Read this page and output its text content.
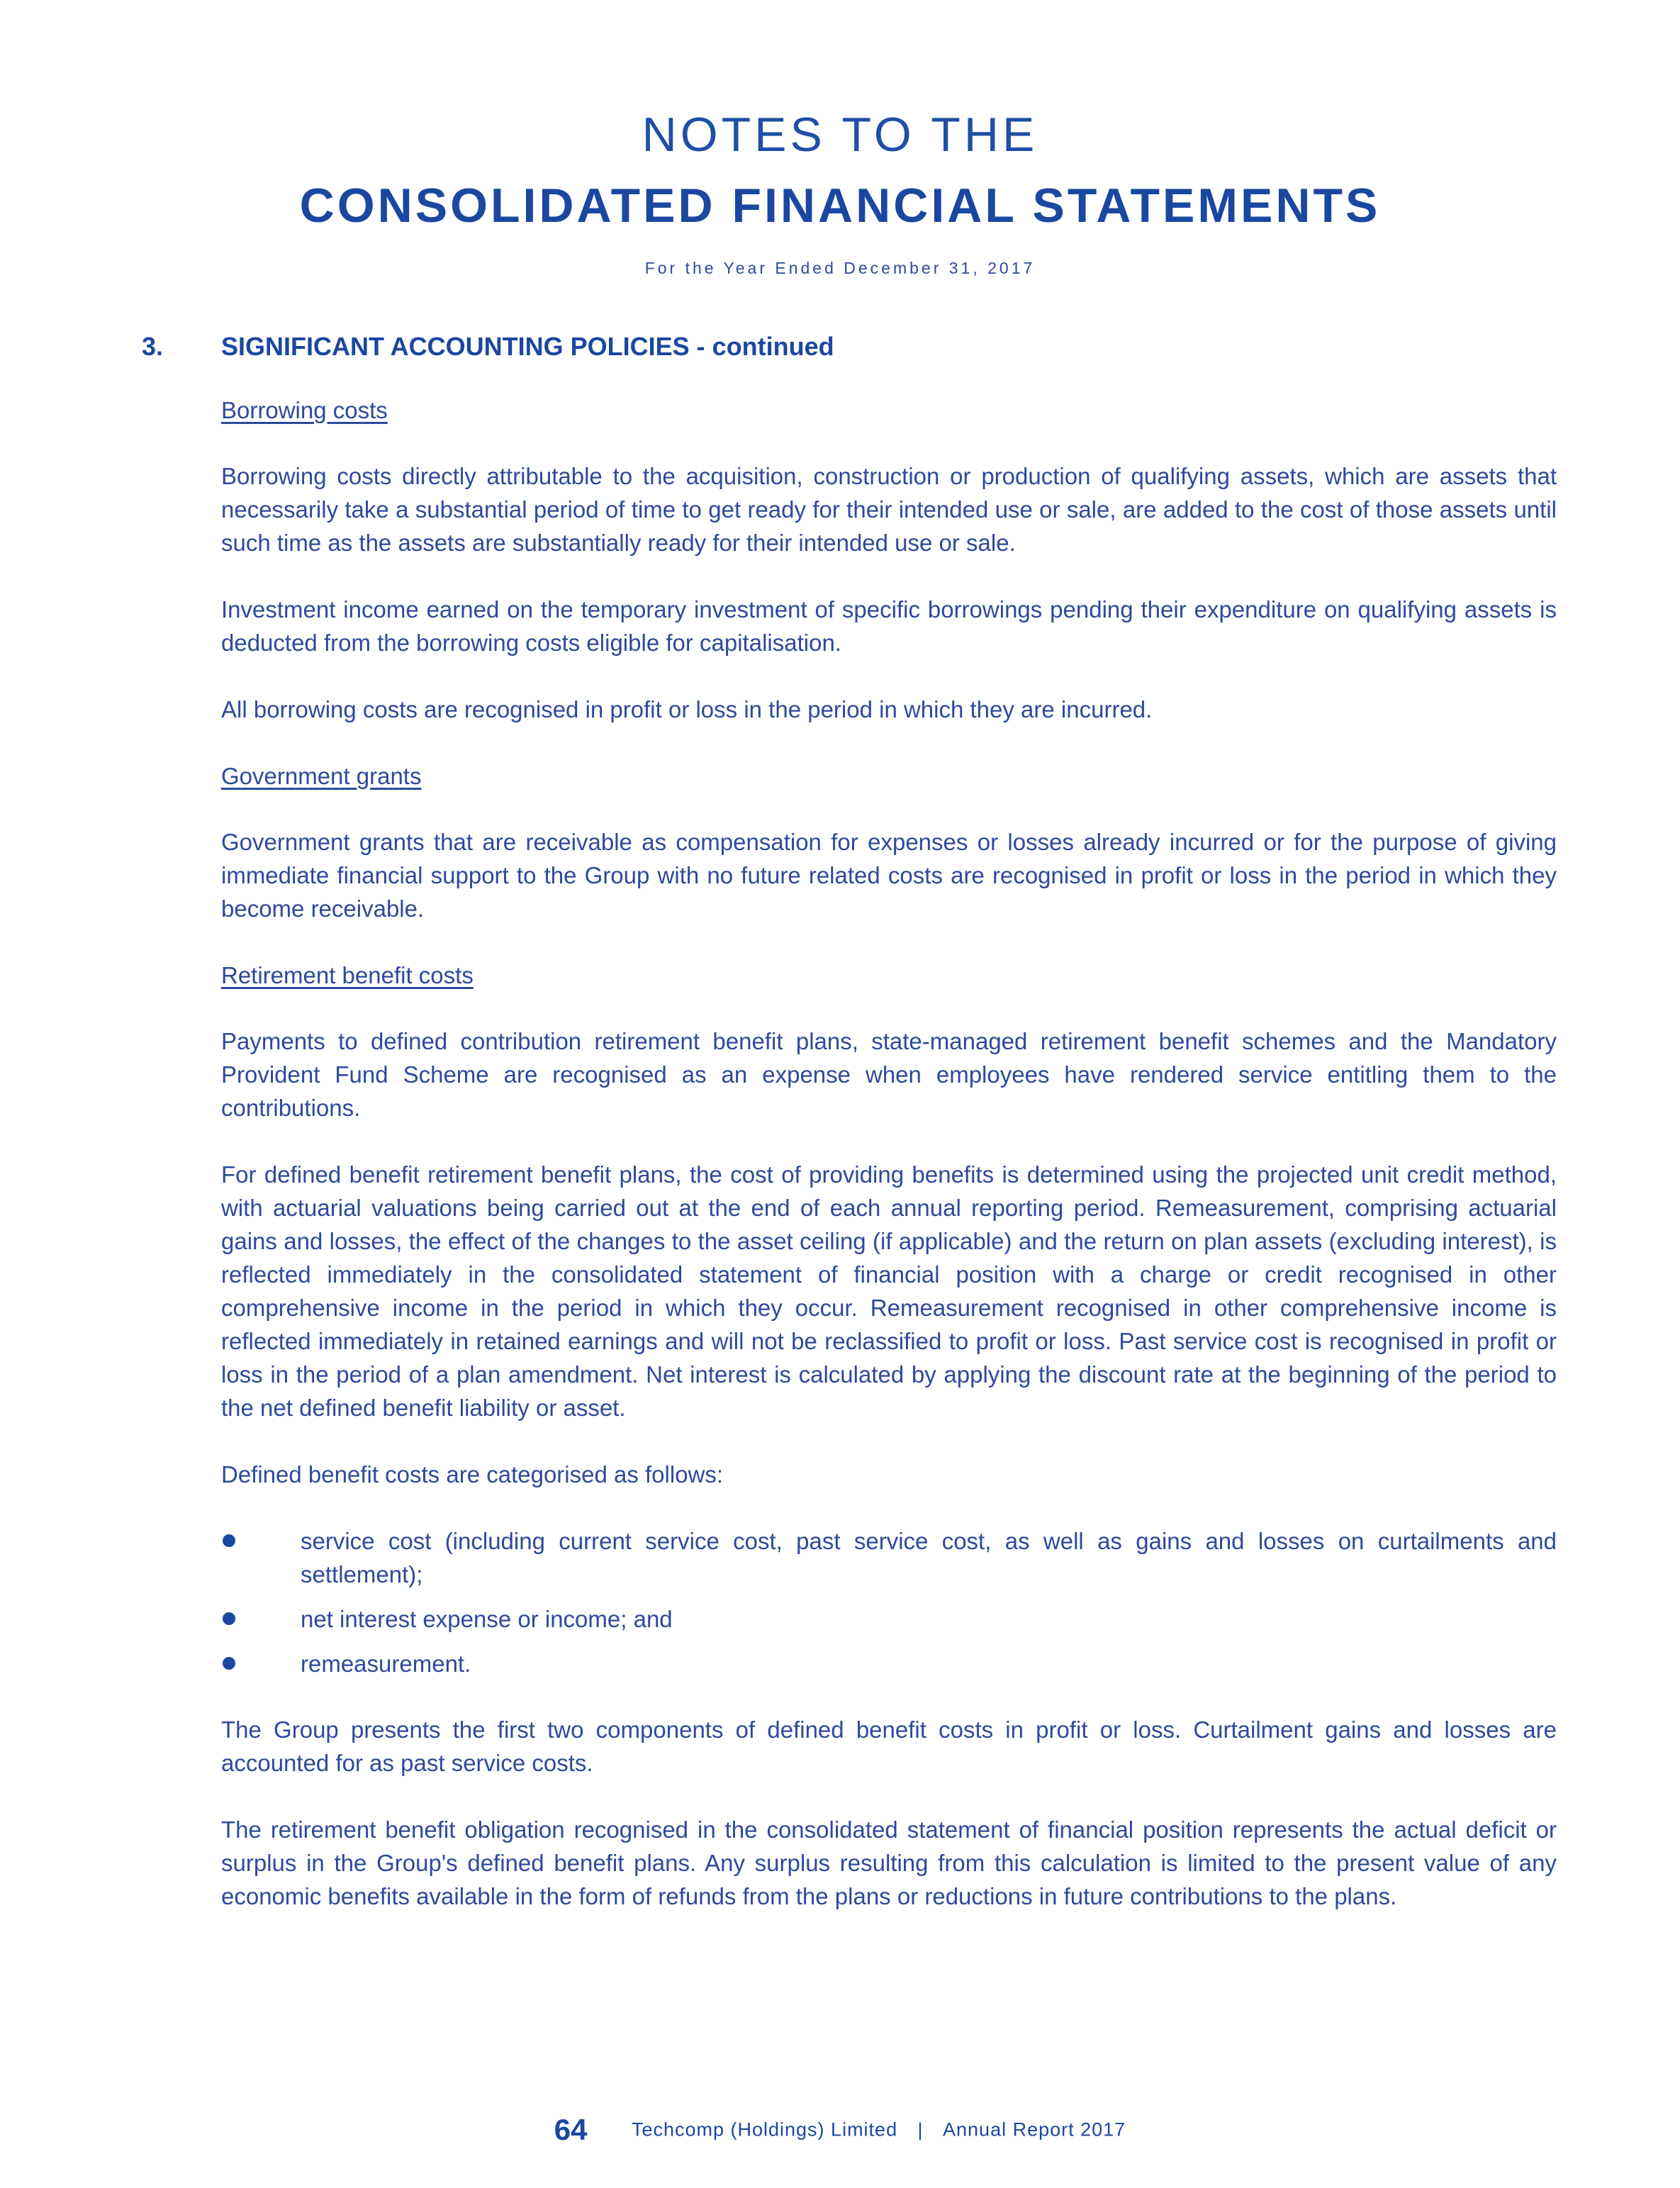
NOTES TO THE
CONSOLIDATED FINANCIAL STATEMENTS
For the Year Ended December 31, 2017
3. SIGNIFICANT ACCOUNTING POLICIES - continued
Borrowing costs

Borrowing costs directly attributable to the acquisition, construction or production of qualifying assets, which are assets that necessarily take a substantial period of time to get ready for their intended use or sale, are added to the cost of those assets until such time as the assets are substantially ready for their intended use or sale.

Investment income earned on the temporary investment of specific borrowings pending their expenditure on qualifying assets is deducted from the borrowing costs eligible for capitalisation.

All borrowing costs are recognised in profit or loss in the period in which they are incurred.

Government grants

Government grants that are receivable as compensation for expenses or losses already incurred or for the purpose of giving immediate financial support to the Group with no future related costs are recognised in profit or loss in the period in which they become receivable.

Retirement benefit costs

Payments to defined contribution retirement benefit plans, state-managed retirement benefit schemes and the Mandatory Provident Fund Scheme are recognised as an expense when employees have rendered service entitling them to the contributions.

For defined benefit retirement benefit plans, the cost of providing benefits is determined using the projected unit credit method, with actuarial valuations being carried out at the end of each annual reporting period. Remeasurement, comprising actuarial gains and losses, the effect of the changes to the asset ceiling (if applicable) and the return on plan assets (excluding interest), is reflected immediately in the consolidated statement of financial position with a charge or credit recognised in other comprehensive income in the period in which they occur. Remeasurement recognised in other comprehensive income is reflected immediately in retained earnings and will not be reclassified to profit or loss. Past service cost is recognised in profit or loss in the period of a plan amendment. Net interest is calculated by applying the discount rate at the beginning of the period to the net defined benefit liability or asset.

Defined benefit costs are categorised as follows:

service cost (including current service cost, past service cost, as well as gains and losses on curtailments and settlement);
net interest expense or income; and
remeasurement.

The Group presents the first two components of defined benefit costs in profit or loss. Curtailment gains and losses are accounted for as past service costs.

The retirement benefit obligation recognised in the consolidated statement of financial position represents the actual deficit or surplus in the Group's defined benefit plans. Any surplus resulting from this calculation is limited to the present value of any economic benefits available in the form of refunds from the plans or reductions in future contributions to the plans.

64 Techcomp (Holdings) Limited | Annual Report 2017
